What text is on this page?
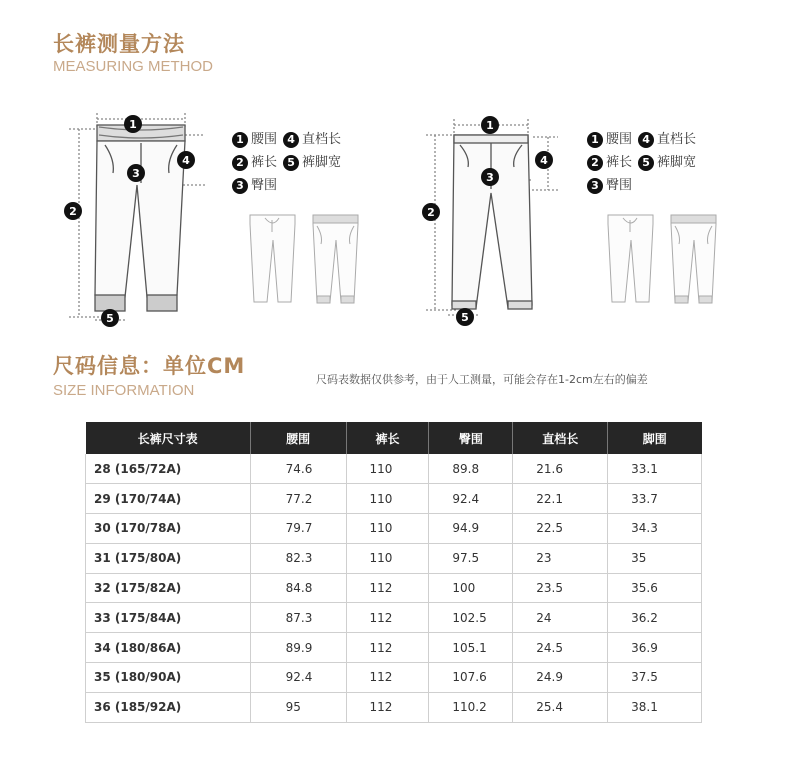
长裤测量方法
MEASURING METHOD
1
2
3
4
5
1 腰围 4 直档长
2 裤长 5 裤脚宽
3 臀围
1
2
3
4
5
1 腰围 4 直档长
2 裤长 5 裤脚宽
3 臀围
尺码信息：单位CM
SIZE INFORMATION
尺码表数据仅供参考，由于人工测量，可能会存在1-2cm左右的偏差
长裤尺寸表	腰围	裤长	臀围	直档长	脚围
28 (165/72A)	74.6	110	89.8	21.6	33.1
29 (170/74A)	77.2	110	92.4	22.1	33.7
30 (170/78A)	79.7	110	94.9	22.5	34.3
31 (175/80A)	82.3	110	97.5	23	35
32 (175/82A)	84.8	112	100	23.5	35.6
33 (175/84A)	87.3	112	102.5	24	36.2
34 (180/86A)	89.9	112	105.1	24.5	36.9
35 (180/90A)	92.4	112	107.6	24.9	37.5
36 (185/92A)	95	112	110.2	25.4	38.1
